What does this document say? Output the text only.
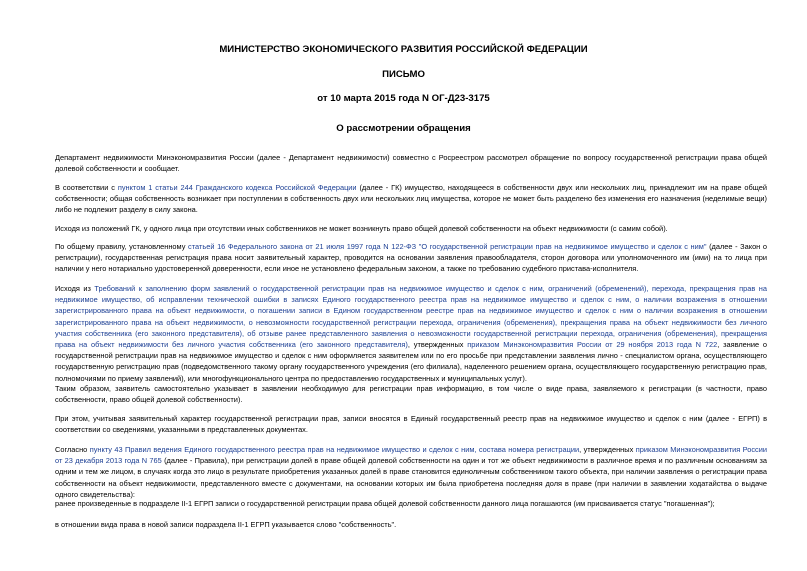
МИНИСТЕРСТВО ЭКОНОМИЧЕСКОГО РАЗВИТИЯ РОССИЙСКОЙ ФЕДЕРАЦИИ
ПИСЬМО
от 10 марта 2015 года N ОГ-Д23-3175
О рассмотрении обращения

Департамент недвижимости Минэкономразвития России (далее - Департамент недвижимости) совместно с Росреестром рассмотрел обращение по вопросу государственной регистрации права общей долевой собственности и сообщает.

В соответствии с пунктом 1 статьи 244 Гражданского кодекса Российской Федерации (далее - ГК) имущество, находящееся в собственности двух или нескольких лиц, принадлежит им на праве общей собственности; общая собственность возникает при поступлении в собственность двух или нескольких лиц имущества, которое не может быть разделено без изменения его назначения (неделимые вещи) либо не подлежит разделу в силу закона.

Исходя из положений ГК, у одного лица при отсутствии иных собственников не может возникнуть право общей долевой собственности на объект недвижимости (с самим собой).

По общему правилу, установленному статьей 16 Федерального закона от 21 июля 1997 года N 122-ФЗ "О государственной регистрации прав на недвижимое имущество и сделок с ним" (далее - Закон о регистрации), государственная регистрация права носит заявительный характер, проводится на основании заявления правообладателя, сторон договора или уполномоченного им (ими) на то лица при наличии у него нотариально удостоверенной доверенности, если иное не установлено федеральным законом, а также по требованию судебного пристава-исполнителя.

Исходя из Требований к заполнению форм заявлений о государственной регистрации прав на недвижимое имущество и сделок с ним, ограничений (обременений), перехода, прекращения прав на недвижимое имущество, об исправлении технической ошибки в записях Единого государственного реестра прав на недвижимое имущество и сделок с ним, о наличии возражения в отношении зарегистрированного права на объект недвижимости, о погашении записи в Едином государственном реестре прав на недвижимое имущество и сделок с ним о наличии возражения в отношении зарегистрированного права на объект недвижимости, о невозможности государственной регистрации перехода, ограничения (обременения), прекращения права на объект недвижимости без личного участия собственника (его законного представителя), об отзыве ранее представленного заявления о невозможности государственной регистрации перехода, ограничения (обременения), прекращения права на объект недвижимости без личного участия собственника (его законного представителя), утвержденных приказом Минэкономразвития России от 29 ноября 2013 года N 722, заявление о государственной регистрации прав на недвижимое имущество и сделок с ним оформляется заявителем или по его просьбе при представлении заявления лично - специалистом органа, осуществляющего государственную регистрацию прав (подведомственного такому органу государственного учреждения (его филиала), наделенного решением органа, осуществляющего государственную регистрацию прав, полномочиями по приему заявлений), или многофункционального центра по предоставлению государственных и муниципальных услуг).

Таким образом, заявитель самостоятельно указывает в заявлении необходимую для регистрации прав информацию, в том числе о виде права, заявляемого к регистрации (в частности, право собственности, право общей долевой собственности).

При этом, учитывая заявительный характер государственной регистрации прав, записи вносятся в Единый государственный реестр прав на недвижимое имущество и сделок с ним (далее - ЕГРП) в соответствии со сведениями, указанными в представленных документах.

Согласно пункту 43 Правил ведения Единого государственного реестра прав на недвижимое имущество и сделок с ним, состава номера регистрации, утвержденных приказом Минэкономразвития России от 23 декабря 2013 года N 765 (далее - Правила), при регистрации долей в праве общей долевой собственности на один и тот же объект недвижимости в различное время и по различным основаниям за одним и тем же лицом, в случаях когда это лицо в результате приобретения указанных долей в праве становится единоличным собственником такого объекта, при наличии заявления о регистрации права собственности на объект недвижимости, представленного вместе с документами, на основании которых им была приобретена последняя доля в праве (при наличии в заявлении ходатайства о выдаче одного свидетельства):

ранее произведенные в подразделе II-1 ЕГРП записи о государственной регистрации права общей долевой собственности данного лица погашаются (им присваивается статус "погашенная");

в отношении вида права в новой записи подраздела II-1 ЕГРП указывается слово "собственность".
